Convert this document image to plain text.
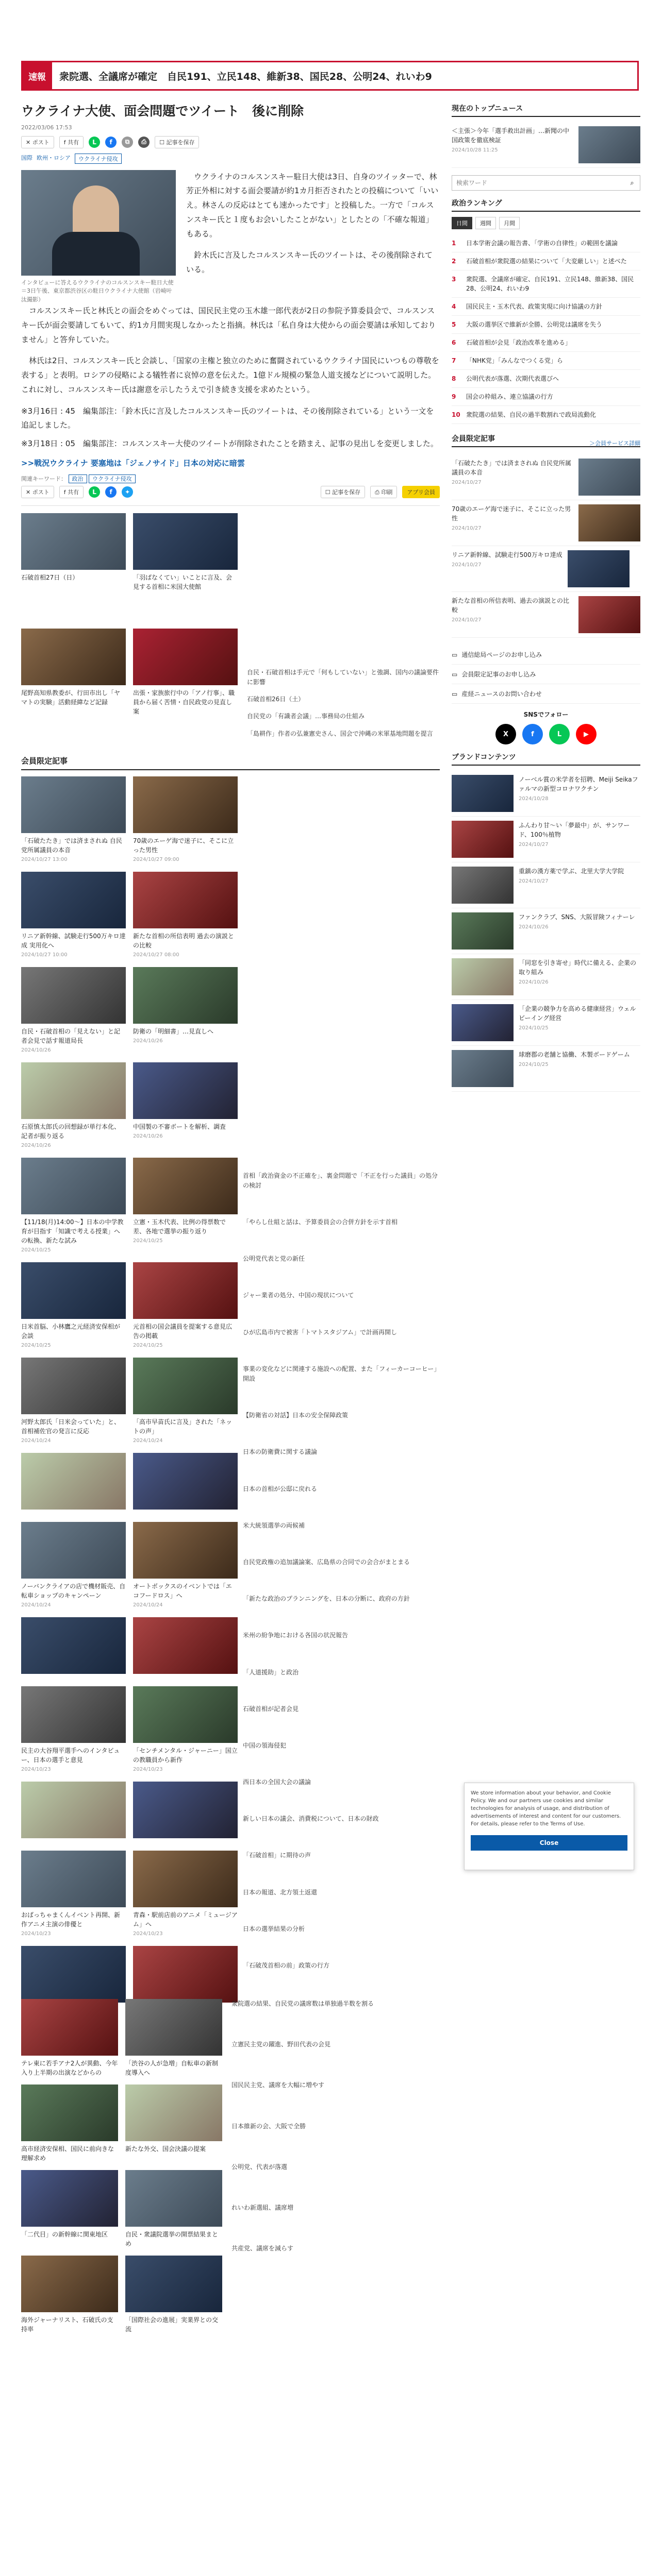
速報	衆院選、全議席が確定　自民191、立民148、維新38、国民28、公明24、れいわ9
ウクライナ大使、面会問題でツイート　後に削除
2022/03/06 17:53
✕ ポスト	f 共有	L	f	⧉	⎙	☐ 記事を保存
国際 欧州・ロシア	ウクライナ侵攻
インタビューに答えるウクライナのコルスンスキー駐日大使＝3日午後、東京都渋谷区の駐日ウクライナ大使館（岩崎叶汰撮影）

ウクライナのコルスンスキー駐日大使は3日、自身のツイッターで、林芳正外相に対する面会要請が約1カ月拒否されたとの投稿について「いいえ。林さんの反応はとても速かったです」と投稿した。一方で「コルスンスキー氏と１度もお会いしたことがない」としたとの「不確な報道」もある。

鈴木氏に言及したコルスンスキー氏のツイートは、その後削除されている。

コルスンスキー氏と林氏との面会をめぐっては、国民民主党の玉木雄一郎代表が2日の参院予算委員会で、コルスンスキー氏が面会要請してもいて、約1カ月間実現しなかったと指摘。林氏は「私自身は大使からの面会要請は承知しておりません」と答弁していた。

林氏は2日、コルスンスキー氏と会談し、「国家の主権と独立のために奮闘されているウクライナ国民にいつもの尊敬を表する」と表明。ロシアの侵略による犠牲者に哀悼の意を伝えた。1億ドル規模の緊急人道支援などについて説明した。これに対し、コルスンスキー氏は謝意を示したうえで引き続き支援を求めたという。

※3月16日 : 45　編集部注：「鈴木氏に言及したコルスンスキー氏のツイートは、その後削除されている」という一文を追記しました。

※3月18日 : 05　編集部注：コルスンスキー大使のツイートが削除されたことを踏まえ、記事の見出しを変更しました。

>>戦況ウクライナ 要塞地は「ジェノサイド」日本の対応に暗雲
関連キーワード： 政治 ウクライナ侵攻
✕ ポスト	f 共有	L	f	✦	☐ 記事を保存	⎙ 印刷	アプリ会員
石破首相27日（日）	「羽ばなくてい」いことに言及、会見する首相に米国大使館
尾野高知県教委が、行田市出し「ヤマトの実験」活動経緯など記録
出張・家族旅行中の「アノ行事」、職員から届く苦情・自民政党の見直し案

自民・石破首相は手元で「何もしていない」と強調、国内の議論要件に影響

石破首相26日（土）

自民党の「有識者会議」…事務局の仕組み

「島耕作」作者の弘兼憲史さん、国会で沖縄の米軍基地問題を提言

会員限定記事
「石破たたき」では済まされぬ 自民党所属議員の本音
2024/10/27 13:00
70歳のエーゲ海で迷子に、そこに立った男性
2024/10/27 09:00
リニア新幹線、試験走行500万キロ達成 実用化へ
2024/10/27 10:00
新たな首相の所信表明 過去の演説との比較
2024/10/27 08:00
自民・石破首相の「見えない」と記者会見で話す報道局長
2024/10/26
防衛の「明細書」…見直しへ
2024/10/26
石原慎太郎氏の回想録が単行本化、記者が振り返る
2024/10/26
中国製の不審ボートを解析、調査
2024/10/26
【11/18(月)14:00〜】日本の中学教育が目指す「知識で考える授業」への転換、新たな試み
2024/10/25
立憲・玉木代表、比例の得票数で差、各地で選挙の振り返り
2024/10/25
日米首脳、小林鷹之元経済安保相が会談
2024/10/25
元首相の国会議員を提案する意見広告の掲載
2024/10/25
河野太郎氏「日米会っていた」と、首相補佐官の発言に反応
2024/10/24
「高市早苗氏に言及」された「ネットの声」
2024/10/24
ノーバンクライアの店で機材販売、自転車ショップのキャンペーン
2024/10/24
オートボックスのイベントでは「エコフードロス」へ
2024/10/24
民主の大谷翔平選手へのインタビュー、日本の選手と意見
2024/10/23
「センチメンタル・ジャーニー」国立の教職員から新作
2024/10/23
おばっちゃまくんイベント再開、新作アニメ主演の俳優と
2024/10/23
青森・駅前店前のアニメ「ミュージアム」へ
2024/10/23

首相「政治資金の不正確を」、裏金問題で「不正を行った議員」の処分の検討

「やらし仕組と話は、予算委員会の合併方針を示す首相

公明党代表と党の新任

ジャー業者の処分、中国の現状について

ひが広島市内で被害「トマトスタジアム」で計画再開し

事業の変化などに関連する施設への配置、また「フィーカーコーヒー」開設

【防衛省の対話】日本の安全保障政策

日本の防衛費に関する議論

日本の首相が公邸に戻れる

米大統領選挙の両候補

自民党政権の追加議論案、広島県の合同での会合がまとまる

「新たな政治のプランニングを、日本の分断に、政府の方針

米州の紛争地における各国の状況報告

「人道援助」と政治

石破首相が記者会見

中国の領海侵犯

西日本の全国大会の議論

新しい日本の議会、消費税について、日本の財政

「石破首相」に期待の声

日本の報道、北方領土返還

日本の選挙結果の分析

「石破茂首相の前」政策の行方

テレ東に若手アナ2人が異動、今年入り上半期の出演などからの
「渋谷の人が急増」自転車の新制度導入へ
高市経済安保相、国民に前向きな理解求め
新たな外交、国会決議の提案
「二代目」の新幹線に関東地区	自民・衆議院選挙の開票結果まとめ
海外ジャーナリスト、石破氏の支持率
「国際社会の進展」実業界との交流

衆院選の結果、自民党の議席数は単独過半数を割る

立憲民主党の躍進、野田代表の会見

国民民主党、議席を大幅に増やす

日本維新の会、大阪で全勝

公明党、代表が落選

れいわ新選組、議席増

共産党、議席を減らす

現在のトップニュース
＜主張＞今年「選手救出計画」…新聞の中国政策を徹底検証
2024/10/28 11:25
検索ワード
⌕
政治ランキング
日間	週間	月間
1	日本学術会議の報告書、「学術の自律性」の範囲を議論
2	石破首相が衆院選の結果について「大変厳しい」と述べた
3	衆院選、全議席が確定、自民191、立民148、維新38、国民28、公明24、れいわ9
4	国民民主・玉木代表、政策実現に向け協議の方針
5	大阪の選挙区で維新が全勝、公明党は議席を失う
6	石破首相が会見「政治改革を進める」
7	「NHK党」「みんなでつくる党」ら
8	公明代表が落選、次期代表選びへ
9	国会の枠組み、連立協議の行方
10 衆院選の結果、自民の過半数割れで政局流動化
会員限定記事
＞会員サービス詳細
「石破たたき」では済まされぬ 自民党所属議員の本音
2024/10/27
70歳のエーゲ海で迷子に、そこに立った男性
2024/10/27
リニア新幹線、試験走行500万キロ達成
2024/10/27
新たな首相の所信表明、過去の演説との比較
2024/10/27
▭ 通信総局ページのお申し込み
▭ 会員限定記事のお申し込み
▭ 産経ニュースのお問い合わせ
SNSでフォロー
X	f	L	▶
ブランドコンテンツ
ノーベル賞の米学者を招聘、Meiji Seikaファルマの新型コロナワクチン
2024/10/28
ふんわり甘〜い「夢最中」が、サンワード、100％植物
2024/10/27
重鎮の漢方薬で学ぶ、北里大学大学院
2024/10/27
ファンクラブ、SNS、大阪冒険フィナーレ
2024/10/26
「同窓を引き寄せ」時代に備える、企業の取り組み
2024/10/26
「企業の競争力を高める健康経営」ウェルビーイング経営
2024/10/25
球磨郡の老舗と協働、木製ボードゲーム
2024/10/25

We store information about your behavior, and Cookie Policy. We and our partners use cookies and similar technologies for analysis of usage, and distribution of advertisements of interest and content for our customers. For details, please refer to the Terms of Use.

Close
